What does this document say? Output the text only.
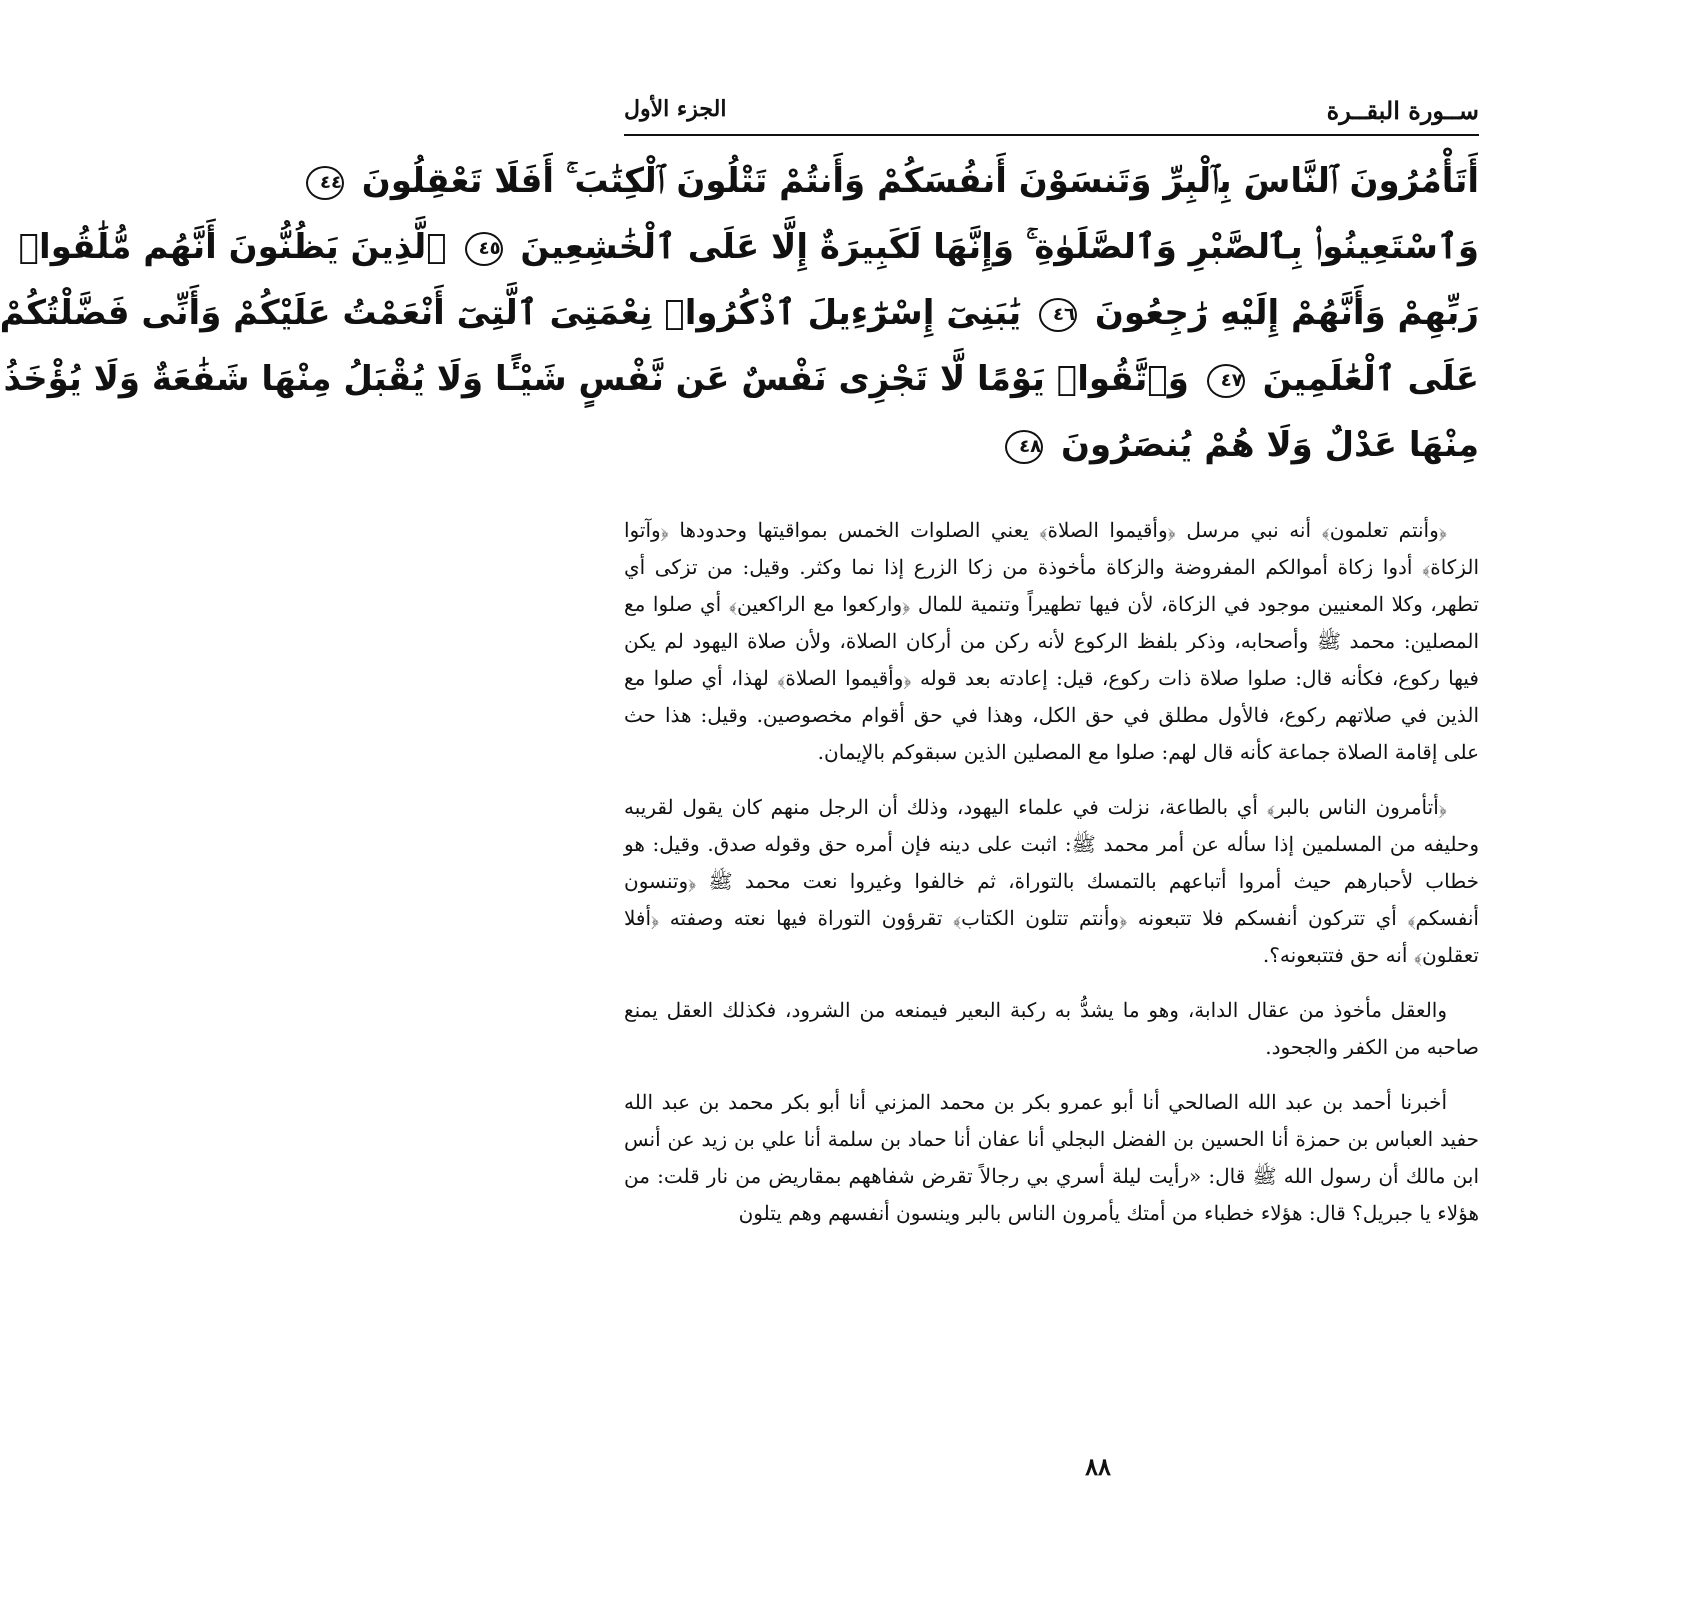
ســورة البقــرة
الجزء الأول
أَتَأْمُرُونَ ٱلنَّاسَ بِٱلْبِرِّ وَتَنسَوْنَ أَنفُسَكُمْ وَأَنتُمْ تَتْلُونَ ٱلْكِتَٰبَ ۚ أَفَلَا تَعْقِلُونَ ٤٤
وَٱسْتَعِينُوا۟ بِٱلصَّبْرِ وَٱلصَّلَوٰةِ ۚ وَإِنَّهَا لَكَبِيرَةٌ إِلَّا عَلَى ٱلْخَٰشِعِينَ ٤٥ ٱلَّذِينَ يَظُنُّونَ أَنَّهُم مُّلَٰقُوا۟
رَبِّهِمْ وَأَنَّهُمْ إِلَيْهِ رَٰجِعُونَ ٤٦ يَٰبَنِىٓ إِسْرَٰٓءِيلَ ٱذْكُرُوا۟ نِعْمَتِىَ ٱلَّتِىٓ أَنْعَمْتُ عَلَيْكُمْ وَأَنِّى فَضَّلْتُكُمْ
عَلَى ٱلْعَٰلَمِينَ ٤٧ وَٱتَّقُوا۟ يَوْمًا لَّا تَجْزِى نَفْسٌ عَن نَّفْسٍ شَيْـًٔا وَلَا يُقْبَلُ مِنْهَا شَفَٰعَةٌ وَلَا يُؤْخَذُ
مِنْهَا عَدْلٌ وَلَا هُمْ يُنصَرُونَ ٤٨

﴿وأنتم تعلمون﴾ أنه نبي مرسل ﴿وأقيموا الصلاة﴾ يعني الصلوات الخمس بمواقيتها وحدودها ﴿وآتوا الزكاة﴾ أدوا زكاة أموالكم المفروضة والزكاة مأخوذة من زكا الزرع إذا نما وكثر. وقيل: من تزكى أي تطهر، وكلا المعنيين موجود في الزكاة، لأن فيها تطهيراً وتنمية للمال ﴿واركعوا مع الراكعين﴾ أي صلوا مع المصلين: محمد ﷺ وأصحابه، وذكر بلفظ الركوع لأنه ركن من أركان الصلاة، ولأن صلاة اليهود لم يكن فيها ركوع، فكأنه قال: صلوا صلاة ذات ركوع، قيل: إعادته بعد قوله ﴿وأقيموا الصلاة﴾ لهذا، أي صلوا مع الذين في صلاتهم ركوع، فالأول مطلق في حق الكل، وهذا في حق أقوام مخصوصين. وقيل: هذا حث على إقامة الصلاة جماعة كأنه قال لهم: صلوا مع المصلين الذين سبقوكم بالإيمان.

﴿أتأمرون الناس بالبر﴾ أي بالطاعة، نزلت في علماء اليهود، وذلك أن الرجل منهم كان يقول لقريبه وحليفه من المسلمين إذا سأله عن أمر محمد ﷺ: اثبت على دينه فإن أمره حق وقوله صدق. وقيل: هو خطاب لأحبارهم حيث أمروا أتباعهم بالتمسك بالتوراة، ثم خالفوا وغيروا نعت محمد ﷺ ﴿وتنسون أنفسكم﴾ أي تتركون أنفسكم فلا تتبعونه ﴿وأنتم تتلون الكتاب﴾ تقرؤون التوراة فيها نعته وصفته ﴿أفلا تعقلون﴾ أنه حق فتتبعونه؟.

والعقل مأخوذ من عقال الدابة، وهو ما يشدُّ به ركبة البعير فيمنعه من الشرود، فكذلك العقل يمنع صاحبه من الكفر والجحود.

أخبرنا أحمد بن عبد الله الصالحي أنا أبو عمرو بكر بن محمد المزني أنا أبو بكر محمد بن عبد الله حفيد العباس بن حمزة أنا الحسين بن الفضل البجلي أنا عفان أنا حماد بن سلمة أنا علي بن زيد عن أنس ابن مالك أن رسول الله ﷺ قال: «رأيت ليلة أسري بي رجالاً تقرض شفاههم بمقاريض من نار قلت: من هؤلاء يا جبريل؟ قال: هؤلاء خطباء من أمتك يأمرون الناس بالبر وينسون أنفسهم وهم يتلون

٨٨
